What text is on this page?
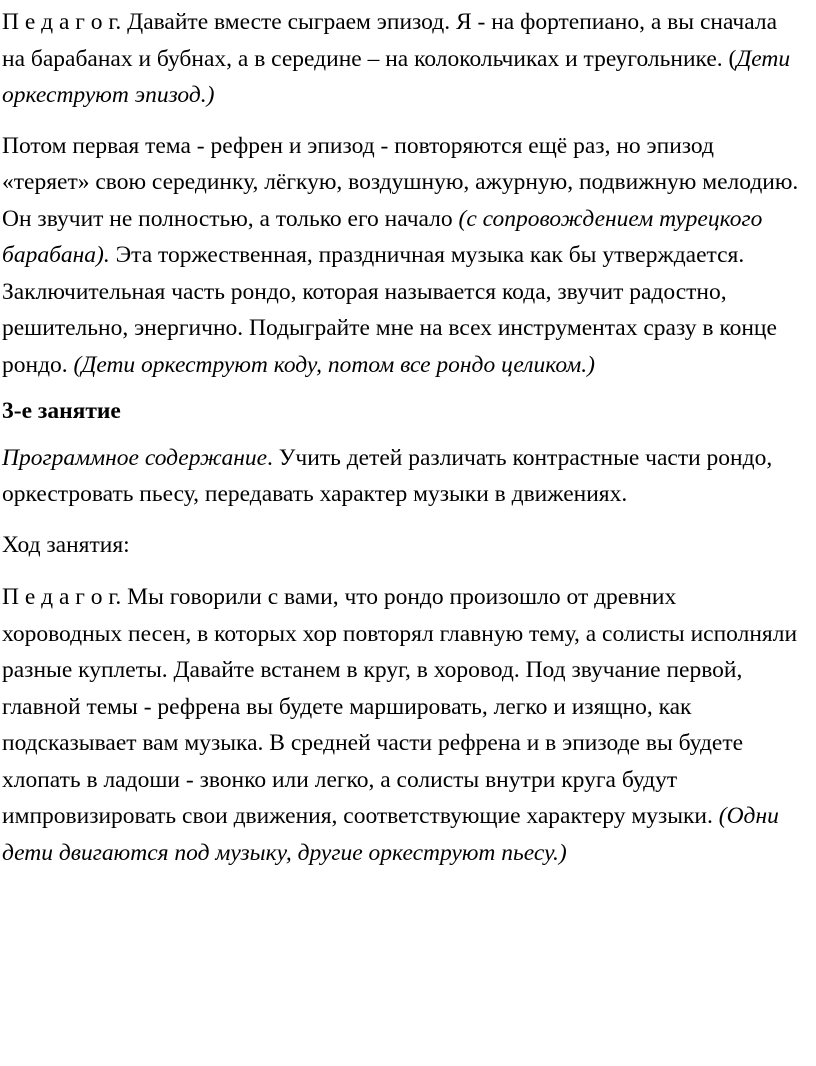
П е д а г о г. Давайте вместе сыграем эпизод. Я - на фортепиано, а вы сначала на барабанах и бубнах, а в середине – на колокольчиках и треугольнике. (Дети оркеструют эпизод.)

Потом первая тема - рефрен и эпизод - повторяются ещё раз, но эпизод «теряет» свою серединку, лёгкую, воздушную, ажурную, подвижную мелодию. Он звучит не полностью, а только его начало (с сопровождением турецкого барабана). Эта торжественная, праздничная музыка как бы утверждается. Заключительная часть рондо, которая называется кода, звучит радостно, решительно, энергично. Подыграйте мне на всех инструментах сразу в конце рондо. (Дети оркеструют коду, потом все рондо целиком.)

3-е занятие

Программное содержание. Учить детей различать контрастные части рондо, оркестровать пьесу, передавать характер музыки в движениях.

Ход занятия:

П е д а г о г. Мы говорили с вами, что рондо произошло от древних хороводных песен, в которых хор повторял главную тему, а солисты исполняли разные куплеты. Давайте встанем в круг, в хоровод. Под звучание первой, главной темы - рефрена вы будете маршировать, легко и изящно, как подсказывает вам музыка. В средней части рефрена и в эпизоде вы будете хлопать в ладоши - звонко или легко, а солисты внутри круга будут импровизировать свои движения, соответствующие характеру музыки. (Одни дети двигаются под музыку, другие оркеструют пьесу.)
